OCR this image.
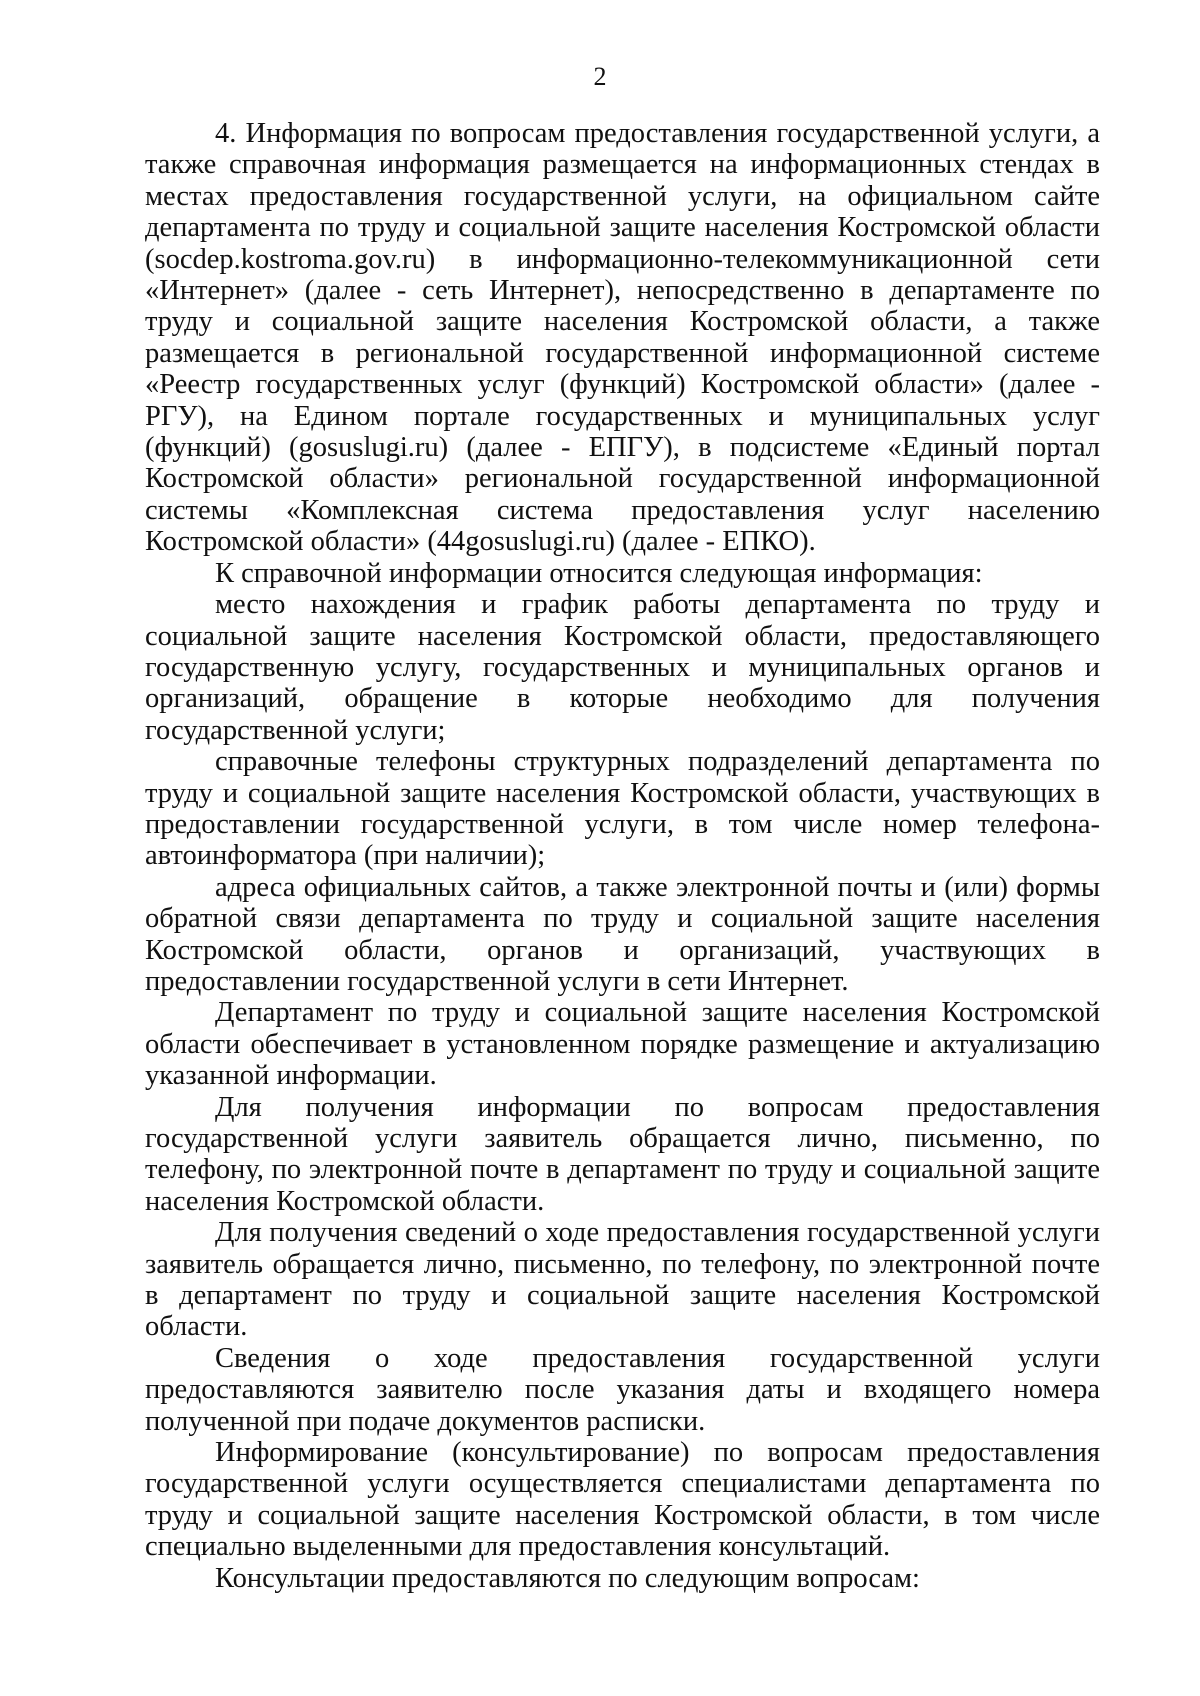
2

4. Информация по вопросам предоставления государственной услуги, а также справочная информация размещается на информационных стендах в местах предоставления государственной услуги, на официальном сайте департамента по труду и социальной защите населения Костромской области (socdep.kostroma.gov.ru) в информационно-телекоммуникационной сети «Интернет» (далее - сеть Интернет), непосредственно в департаменте по труду и социальной защите населения Костромской области, а также размещается в региональной государственной информационной системе «Реестр государственных услуг (функций) Костромской области» (далее - РГУ), на Едином портале государственных и муниципальных услуг (функций) (gosuslugi.ru) (далее - ЕПГУ), в подсистеме «Единый портал Костромской области» региональной государственной информационной системы «Комплексная система предоставления услуг населению Костромской области» (44gosuslugi.ru) (далее - ЕПКО).

К справочной информации относится следующая информация:

место нахождения и график работы департамента по труду и социальной защите населения Костромской области, предоставляющего государственную услугу, государственных и муниципальных органов и организаций, обращение в которые необходимо для получения государственной услуги;

справочные телефоны структурных подразделений департамента по труду и социальной защите населения Костромской области, участвующих в предоставлении государственной услуги, в том числе номер телефона-автоинформатора (при наличии);

адреса официальных сайтов, а также электронной почты и (или) формы обратной связи департамента по труду и социальной защите населения Костромской области, органов и организаций, участвующих в предоставлении государственной услуги в сети Интернет.

Департамент по труду и социальной защите населения Костромской области обеспечивает в установленном порядке размещение и актуализацию указанной информации.

Для получения информации по вопросам предоставления государственной услуги заявитель обращается лично, письменно, по телефону, по электронной почте в департамент по труду и социальной защите населения Костромской области.

Для получения сведений о ходе предоставления государственной услуги заявитель обращается лично, письменно, по телефону, по электронной почте в департамент по труду и социальной защите населения Костромской области.

Сведения о ходе предоставления государственной услуги предоставляются заявителю после указания даты и входящего номера полученной при подаче документов расписки.

Информирование (консультирование) по вопросам предоставления государственной услуги осуществляется специалистами департамента по труду и социальной защите населения Костромской области, в том числе специально выделенными для предоставления консультаций.

Консультации предоставляются по следующим вопросам:
